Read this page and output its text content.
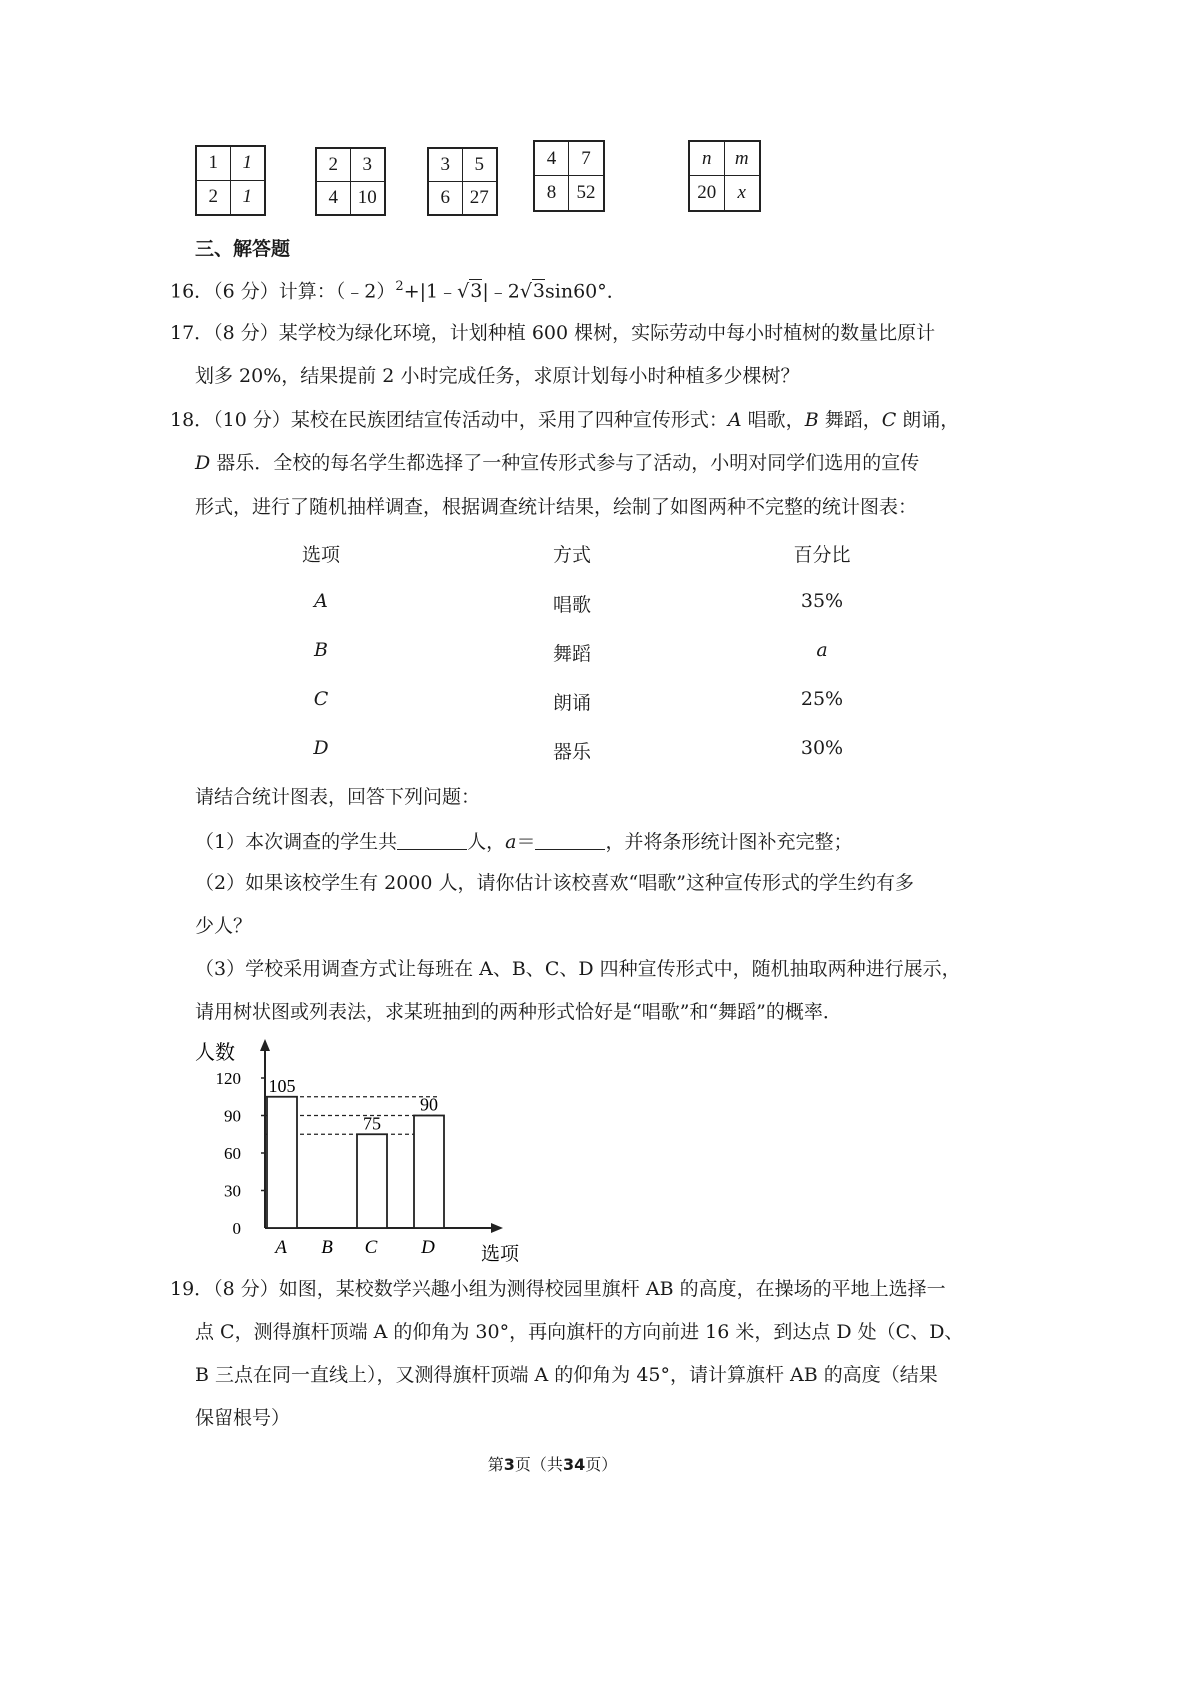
1	1
2	1
2	3
4	10
3	5
6	27
4	7
8	52
n	m
20	x
三、解答题
16．（6 分）计算：（﹣2）$^2$+|1﹣√3|﹣2√3sin60°．
17．（8 分）某学校为绿化环境，计划种植 600 棵树，实际劳动中每小时植树的数量比原计
划多 20%，结果提前 2 小时完成任务，求原计划每小时种植多少棵树？
18．（10 分）某校在民族团结宣传活动中，采用了四种宣传形式：A 唱歌，B 舞蹈，C 朗诵，
D 器乐．全校的每名学生都选择了一种宣传形式参与了活动，小明对同学们选用的宣传
形式，进行了随机抽样调查，根据调查统计结果，绘制了如图两种不完整的统计图表：
选项	方式	百分比
A	唱歌	35%
B	舞蹈	a
C	朗诵	25%
D	器乐	30%
请结合统计图表，回答下列问题：
（1）本次调查的学生共	人，a＝	，并将条形统计图补充完整；
（2）如果该校学生有 2000 人，请你估计该校喜欢“唱歌”这种宣传形式的学生约有多
少人？
（3）学校采用调查方式让每班在 A、B、C、D 四种宣传形式中，随机抽取两种进行展示，
请用树状图或列表法，求某班抽到的两种形式恰好是“唱歌”和“舞蹈”的概率．
人数
选项
0
30
60
90
120 105
A B
75
C
90
D
19．（8 分）如图，某校数学兴趣小组为测得校园里旗杆 AB 的高度，在操场的平地上选择一
点 C，测得旗杆顶端 A 的仰角为 30°，再向旗杆的方向前进 16 米，到达点 D 处（C、D、
B 三点在同一直线上），又测得旗杆顶端 A 的仰角为 45°，请计算旗杆 AB 的高度（结果
保留根号）
第3页（共34页）
